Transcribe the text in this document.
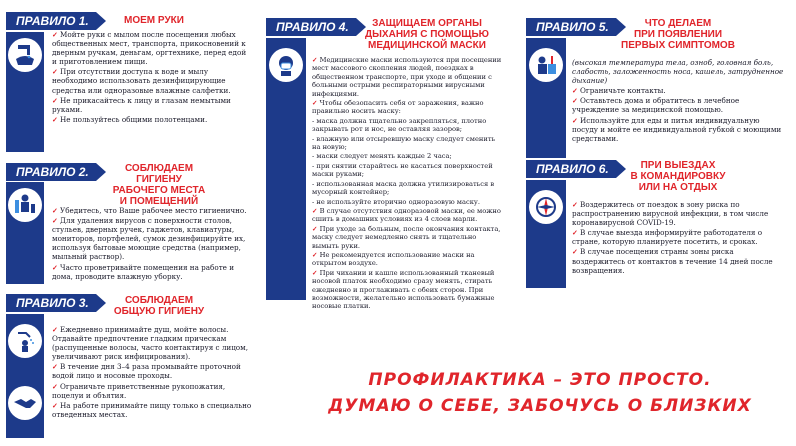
ПРАВИЛО 1.	МОЕМ РУКИ

✓ Мойте руки с мылом после посещения любых общественных мест, транспорта, прикосновений к дверным ручкам, деньгам, оргтехнике, перед едой и приготовлением пищи.

✓ При отсутствии доступа к воде и мылу необходимо использовать дезинфицирующие средства или одноразовые влажные салфетки.

✓ Не прикасайтесь к лицу и глазам немытыми руками.

✓ Не пользуйтесь общими полотенцами.

ПРАВИЛО 2.	СОБЛЮДАЕМ ГИГИЕНУ
РАБОЧЕГО МЕСТА
И ПОМЕЩЕНИЙ

✓ Убедитесь, что Ваше рабочее место гигиенично.

✓ Для удаления вирусов с поверхности столов, стульев, дверных ручек, гаджетов, клавиатуры, мониторов, портфелей, сумок дезинфицируйте их, используя бытовые моющие средства (например, мыльный раствор).

✓ Часто проветривайте помещения на работе и дома, проводите влажную уборку.

ПРАВИЛО 3.	СОБЛЮДАЕМ
ОБЩУЮ ГИГИЕНУ

✓ Ежедневно принимайте душ, мойте волосы. Отдавайте предпочтение гладким прическам (распущенные волосы, часто контактируя с лицом, увеличивают риск инфицирования).

✓ В течение дня 3–4 раза промывайте проточной водой лицо и носовые проходы.

✓ Ограничьте приветственные рукопожатия, поцелуи и объятия.

✓ На работе принимайте пищу только в специально отведенных местах.

ПРАВИЛО 4.	ЗАЩИЩАЕМ ОРГАНЫ
ДЫХАНИЯ С ПОМОЩЬЮ
МЕДИЦИНСКОЙ МАСКИ

✓ Медицинские маски используются при посещении мест массового скопления людей, поездках в общественном транспорте, при уходе и общении с больными острыми респираторными вирусными инфекциями.

✓ Чтобы обезопасить себя от заражения, важно правильно носить маску:

- маска должна тщательно закрепляться, плотно закрывать рот и нос, не оставляя зазоров;

- влажную или отсыревшую маску следует сменить на новую;

- маски следует менять каждые 2 часа;

- при снятии старайтесь не касаться поверхностей маски руками;

- использованная маска должна утилизироваться в мусорный контейнер;

- не используйте вторично одноразовую маску.

✓ В случае отсутствия одноразовой маски, ее можно сшить в домашних условиях из 4 слоев марли.

✓ При уходе за больным, после окончания контакта, маску следует немедленно снять и тщательно вымыть руки.

✓ Не рекомендуется использование маски на открытом воздухе.

✓ При чихании и кашле использованный тканевый носовой платок необходимо сразу менять, стирать ежедневно и проглаживать с обеих сторон. При возможности, желательно использовать бумажные носовые платки.

ПРАВИЛО 5.	ЧТО ДЕЛАЕМ
ПРИ ПОЯВЛЕНИИ
ПЕРВЫХ СИМПТОМОВ

(высокая температура тела, озноб, головная боль, слабость, заложенность носа, кашель, затрудненное дыхание)

✓ Ограничьте контакты.

✓ Оставьтесь дома и обратитесь в лечебное учреждение за медицинской помощью.

✓ Используйте для еды и питья индивидуальную посуду и мойте ее индивидуальной губкой с моющими средствами.

ПРАВИЛО 6.	ПРИ ВЫЕЗДАХ
В КОМАНДИРОВКУ
ИЛИ НА ОТДЫХ

✓ Воздержитесь от поездок в зону риска по распространению вирусной инфекции, в том числе коронавирусной COVID-19.

✓ В случае выезда информируйте работодателя о стране, которую планируете посетить, и сроках.

✓ В случае посещения страны зоны риска воздержитесь от контактов в течение 14 дней после возвращения.

ПРОФИЛАКТИКА – ЭТО ПРОСТО.
ДУМАЮ О СЕБЕ, ЗАБОЧУСЬ О БЛИЗКИХ
